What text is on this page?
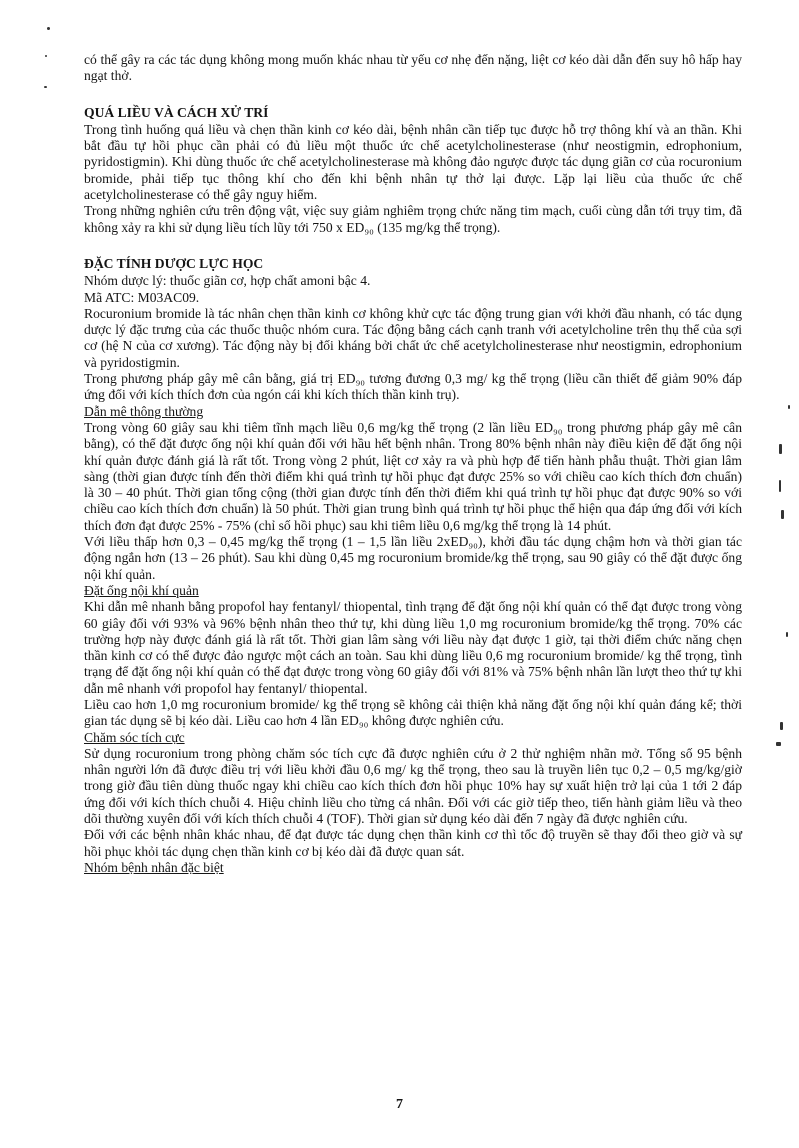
có thể gây ra các tác dụng không mong muốn khác nhau từ yếu cơ nhẹ đến nặng, liệt cơ kéo dài dẫn đến suy hô hấp hay ngạt thở.

QUÁ LIỀU VÀ CÁCH XỬ TRÍ

Trong tình huống quá liều và chẹn thần kinh cơ kéo dài, bệnh nhân cần tiếp tục được hỗ trợ thông khí và an thần. Khi bắt đầu tự hồi phục cần phải có đủ liều một thuốc ức chế acetylcholinesterase (như neostigmin, edrophonium, pyridostigmin). Khi dùng thuốc ức chế acetylcholinesterase mà không đảo ngược được tác dụng giãn cơ của rocuronium bromide, phải tiếp tục thông khí cho đến khi bệnh nhân tự thở lại được. Lặp lại liều của thuốc ức chế acetylcholinesterase có thể gây nguy hiểm.

Trong những nghiên cứu trên động vật, việc suy giảm nghiêm trọng chức năng tim mạch, cuối cùng dẫn tới trụy tim, đã không xảy ra khi sử dụng liều tích lũy tới 750 x ED₉₀ (135 mg/kg thể trọng).

ĐẶC TÍNH DƯỢC LỰC HỌC

Nhóm dược lý: thuốc giãn cơ, hợp chất amoni bậc 4.

Mã ATC: M03AC09.

Rocuronium bromide là tác nhân chẹn thần kinh cơ không khử cực tác động trung gian với khởi đầu nhanh, có tác dụng dược lý đặc trưng của các thuốc thuộc nhóm cura. Tác động bằng cách cạnh tranh với acetylcholine trên thụ thể của sợi cơ (hệ N của cơ xương). Tác động này bị đối kháng bởi chất ức chế acetylcholinesterase như neostigmin, edrophonium và pyridostigmin.

Trong phương pháp gây mê cân bằng, giá trị ED₉₀ tương đương 0,3 mg/ kg thể trọng (liều cần thiết để giảm 90% đáp ứng đối với kích thích đơn của ngón cái khi kích thích thần kinh trụ).

Dẫn mê thông thường

Trong vòng 60 giây sau khi tiêm tĩnh mạch liều 0,6 mg/kg thể trọng (2 lần liều ED₉₀ trong phương pháp gây mê cân bằng), có thể đặt được ống nội khí quản đối với hầu hết bệnh nhân. Trong 80% bệnh nhân này điều kiện để đặt ống nội khí quản được đánh giá là rất tốt. Trong vòng 2 phút, liệt cơ xảy ra và phù hợp để tiến hành phẫu thuật. Thời gian lâm sàng (thời gian được tính đến thời điểm khi quá trình tự hồi phục đạt được 25% so với chiều cao kích thích đơn chuẩn) là 30 – 40 phút. Thời gian tổng cộng (thời gian được tính đến thời điểm khi quá trình tự hồi phục đạt được 90% so với chiều cao kích thích đơn chuẩn) là 50 phút. Thời gian trung bình quá trình tự hồi phục thể hiện qua đáp ứng đối với kích thích đơn đạt được 25% - 75% (chỉ số hồi phục) sau khi tiêm liều 0,6 mg/kg thể trọng là 14 phút.

Với liều thấp hơn 0,3 – 0,45 mg/kg thể trọng (1 – 1,5 lần liều 2xED₉₀), khởi đầu tác dụng chậm hơn và thời gian tác động ngắn hơn (13 – 26 phút). Sau khi dùng 0,45 mg rocuronium bromide/kg thể trọng, sau 90 giây có thể đặt được ống nội khí quản.

Đặt ống nội khí quản

Khi dẫn mê nhanh bằng propofol hay fentanyl/ thiopental, tình trạng để đặt ống nội khí quản có thể đạt được trong vòng 60 giây đối với 93% và 96% bệnh nhân theo thứ tự, khi dùng liều 1,0 mg rocuronium bromide/kg thể trọng. 70% các trường hợp này được đánh giá là rất tốt. Thời gian lâm sàng với liều này đạt được 1 giờ, tại thời điểm chức năng chẹn thần kinh cơ có thể được đảo ngược một cách an toàn. Sau khi dùng liều 0,6 mg rocuronium bromide/ kg thể trọng, tình trạng để đặt ống nội khí quản có thể đạt được trong vòng 60 giây đối với 81% và 75% bệnh nhân lần lượt theo thứ tự khi dẫn mê nhanh với propofol hay fentanyl/ thiopental.

Liều cao hơn 1,0 mg rocuronium bromide/ kg thể trọng sẽ không cải thiện khả năng đặt ống nội khí quản đáng kể; thời gian tác dụng sẽ bị kéo dài. Liều cao hơn 4 lần ED₉₀ không được nghiên cứu.

Chăm sóc tích cực

Sử dụng rocuronium trong phòng chăm sóc tích cực đã được nghiên cứu ở 2 thử nghiệm nhãn mở. Tổng số 95 bệnh nhân người lớn đã được điều trị với liều khởi đầu 0,6 mg/ kg thể trọng, theo sau là truyền liên tục 0,2 – 0,5 mg/kg/giờ trong giờ đầu tiên dùng thuốc ngay khi chiều cao kích thích đơn hồi phục 10% hay sự xuất hiện trở lại của 1 tới 2 đáp ứng đối với kích thích chuỗi 4. Hiệu chỉnh liều cho từng cá nhân. Đối với các giờ tiếp theo, tiến hành giảm liều và theo dõi thường xuyên đối với kích thích chuỗi 4 (TOF). Thời gian sử dụng kéo dài đến 7 ngày đã được nghiên cứu.

Đối với các bệnh nhân khác nhau, để đạt được tác dụng chẹn thần kinh cơ thì tốc độ truyền sẽ thay đổi theo giờ và sự hồi phục khỏi tác dụng chẹn thần kinh cơ bị kéo dài đã được quan sát.

Nhóm bệnh nhân đặc biệt

7
